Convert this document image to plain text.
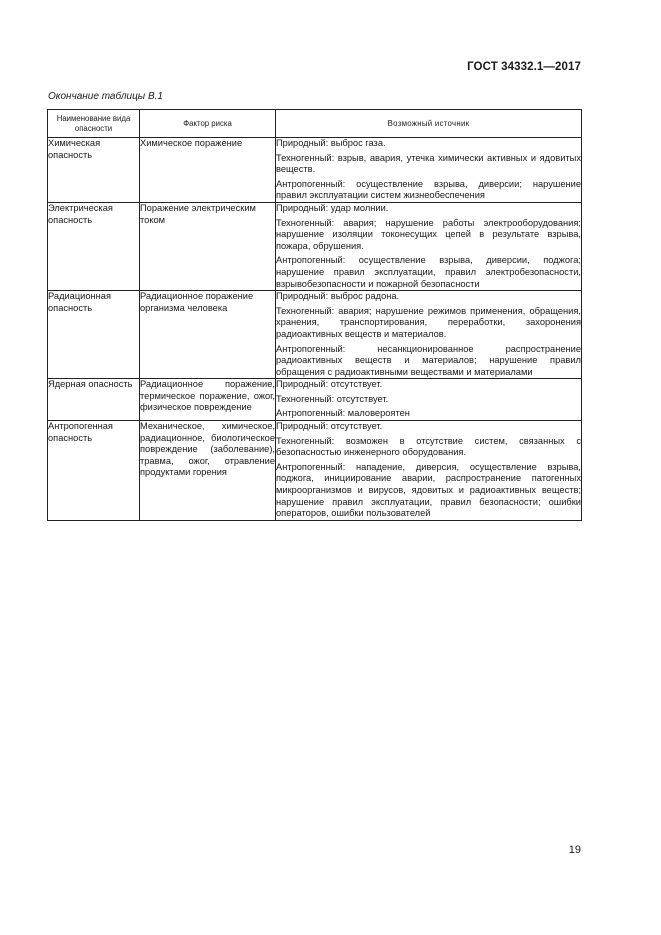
ГОСТ 34332.1—2017
Окончание таблицы В.1
Наименование вида опасности	Фактор риска	Возможный источник
Химическая опасность	Химическое поражение	Природный: выброс газа.

Техногенный: взрыв, авария, утечка химически активных и ядовитых веществ.

Антропогенный: осуществление взрыва, диверсии; нарушение правил эксплуатации систем жизнеобеспечения

Электрическая опасность	Поражение электрическим током	Природный: удар молнии.

Техногенный: авария; нарушение работы электрооборудования; нарушение изоляции токонесущих цепей в результате взрыва, пожара, обрушения.

Антропогенный: осуществление взрыва, диверсии, поджога; нарушение правил эксплуатации, правил электробезопасности, взрывобезопасности и пожарной безопасности

Радиационная опасность	Радиационное поражение организма человека	Природный: выброс радона.

Техногенный: авария; нарушение режимов применения, обращения, хранения, транспортирования, переработки, захоронения радиоактивных веществ и материалов.

Антропогенный: несанкционированное распространение радиоактивных веществ и материалов; нарушение правил обращения с радиоактивными веществами и материалами

Ядерная опасность	Радиационное поражение, термическое поражение, ожог, физическое повреждение	Природный: отсутствует.

Техногенный: отсутствует.

Антропогенный: маловероятен

Антропогенная опасность	Механическое, химическое, радиационное, биологическое повреждение (заболевание), травма, ожог, отравление продуктами горения	Природный: отсутствует.

Техногенный: возможен в отсутствие систем, связанных с безопасностью инженерного оборудования.

Антропогенный: нападение, диверсия, осуществление взрыва, поджога, инициирование аварии, распространение патогенных микроорганизмов и вирусов, ядовитых и радиоактивных веществ; нарушение правил эксплуатации, правил безопасности; ошибки операторов, ошибки пользователей

19
